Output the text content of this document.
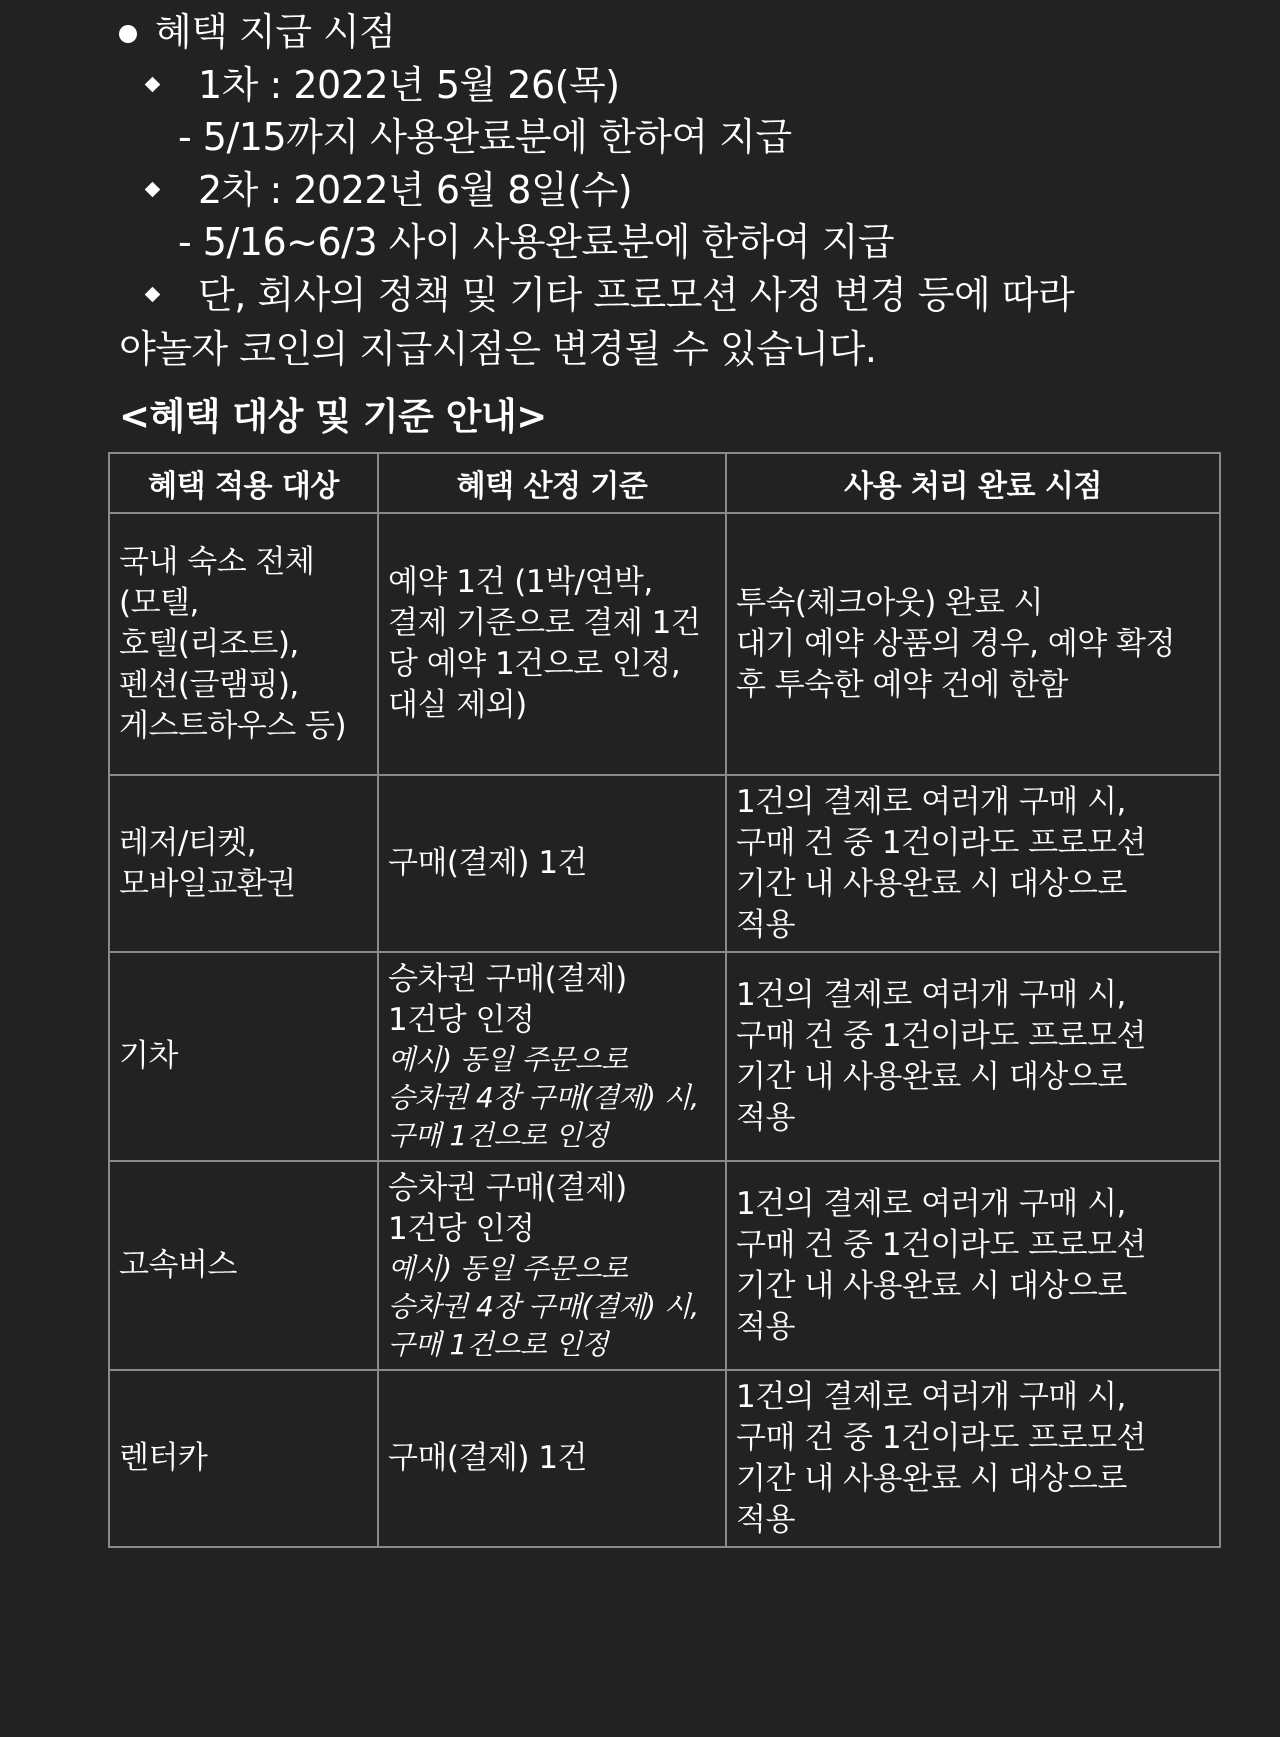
혜택 지급 시점
1차 : 2022년 5월 26(목)
- 5/15까지 사용완료분에 한하여 지급
2차 : 2022년 6월 8일(수)
- 5/16~6/3 사이 사용완료분에 한하여 지급
단, 회사의 정책 및 기타 프로모션 사정 변경 등에 따라
야놀자 코인의 지급시점은 변경될 수 있습니다.
<혜택 대상 및 기준 안내>
혜택 적용 대상	혜택 산정 기준	사용 처리 완료 시점

국내 숙소 전체
(모텔,
호텔(리조트),
펜션(글램핑),
게스트하우스 등)	예약 1건 (1박/연박,
결제 기준으로 결제 1건
당 예약 1건으로 인정,
대실 제외)	투숙(체크아웃) 완료 시
대기 예약 상품의 경우, 예약 확정
후 투숙한 예약 건에 한함

레저/티켓,
모바일교환권	구매(결제) 1건	1건의 결제로 여러개 구매 시,
구매 건 중 1건이라도 프로모션
기간 내 사용완료 시 대상으로
적용

기차	승차권 구매(결제)
1건당 인정
예시) 동일 주문으로
승차권 4장 구매(결제) 시,
구매 1건으로 인정	1건의 결제로 여러개 구매 시,
구매 건 중 1건이라도 프로모션
기간 내 사용완료 시 대상으로
적용

고속버스	승차권 구매(결제)
1건당 인정
예시) 동일 주문으로
승차권 4장 구매(결제) 시,
구매 1건으로 인정	1건의 결제로 여러개 구매 시,
구매 건 중 1건이라도 프로모션
기간 내 사용완료 시 대상으로
적용

렌터카	구매(결제) 1건	1건의 결제로 여러개 구매 시,
구매 건 중 1건이라도 프로모션
기간 내 사용완료 시 대상으로
적용
